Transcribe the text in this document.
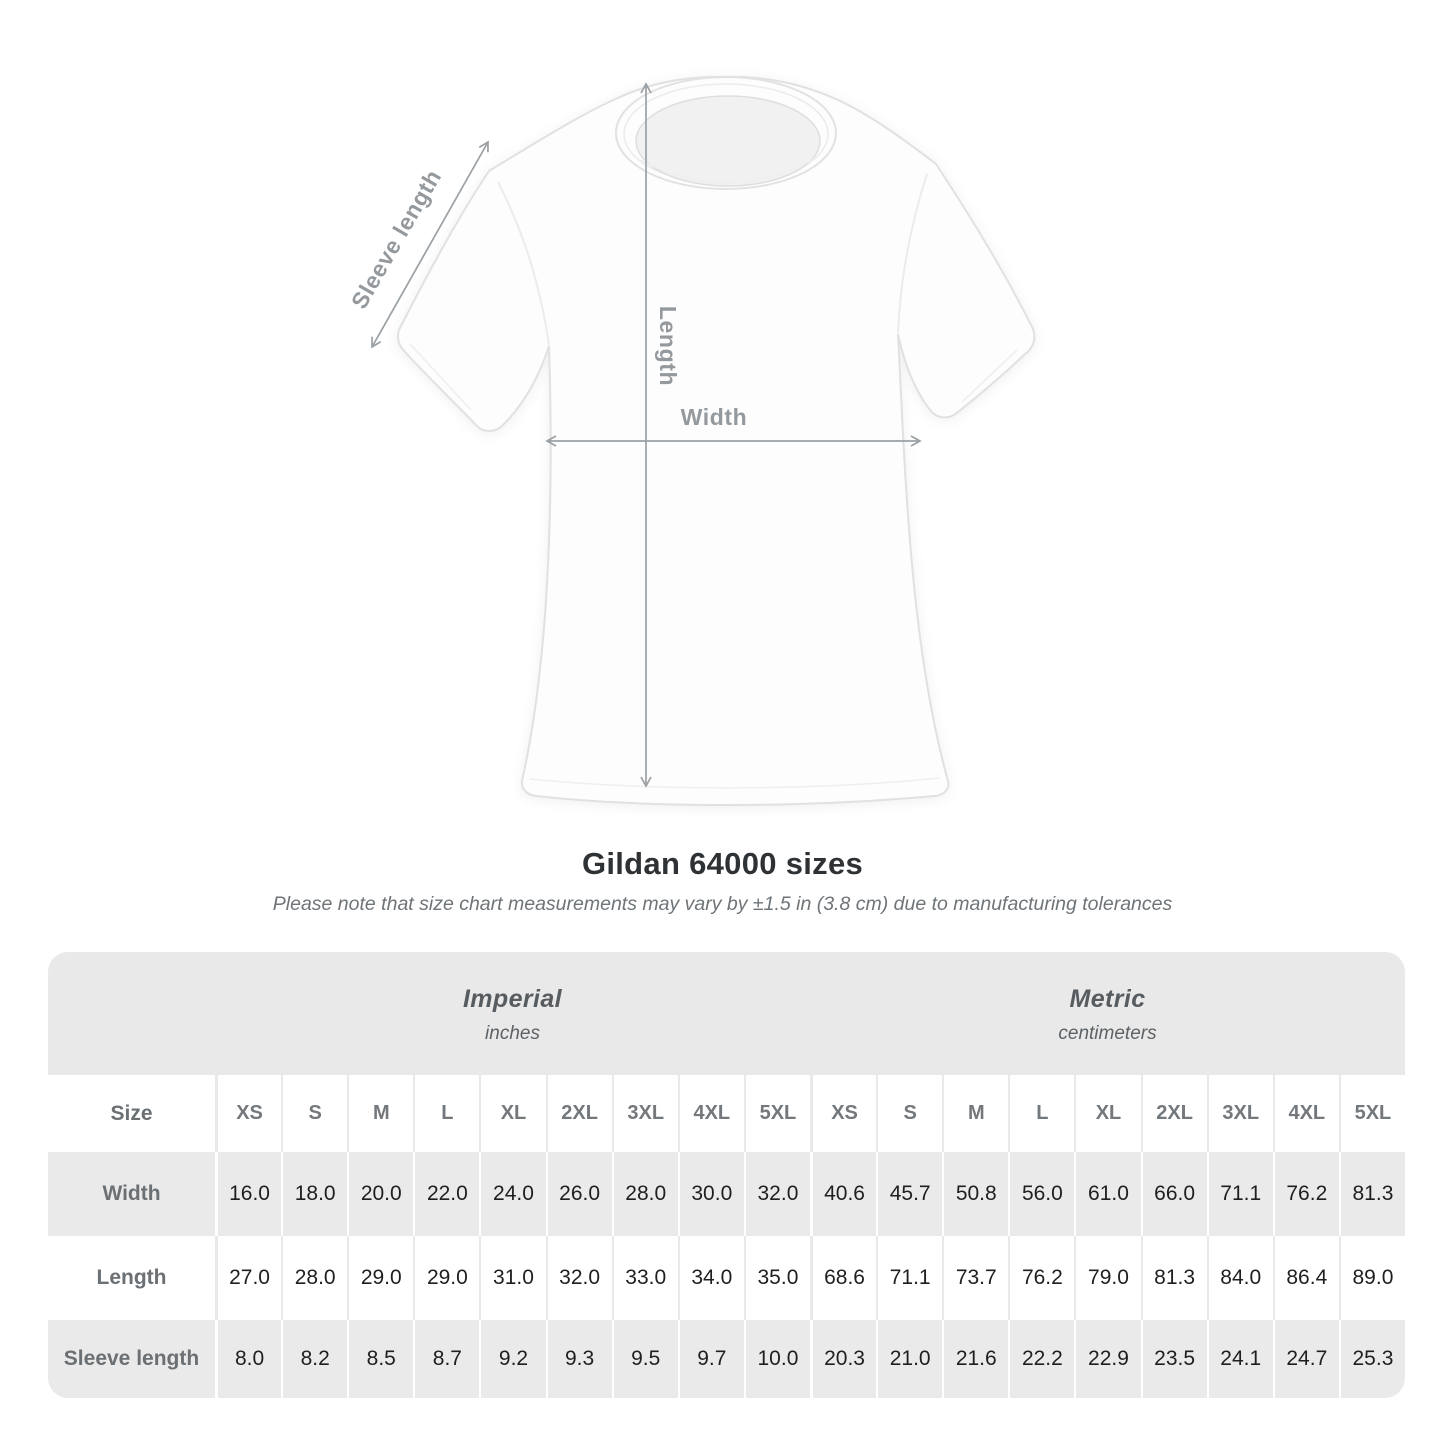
Width
Length
Sleeve length
Gildan 64000 sizes

Please note that size chart measurements may vary by ±1.5 in (3.8 cm) due to manufacturing tolerances

Imperial
inches
Metric
centimeters
Size	XS	S	M	L	XL	2XL	3XL	4XL	5XL	XS	S	M	L	XL	2XL	3XL	4XL	5XL
Width	16.0	18.0	20.0	22.0	24.0	26.0	28.0	30.0	32.0	40.6	45.7	50.8	56.0	61.0	66.0	71.1	76.2	81.3
Length	27.0	28.0	29.0	29.0	31.0	32.0	33.0	34.0	35.0	68.6	71.1	73.7	76.2	79.0	81.3	84.0	86.4	89.0
Sleeve length	8.0	8.2	8.5	8.7	9.2	9.3	9.5	9.7	10.0	20.3	21.0	21.6	22.2	22.9	23.5	24.1	24.7	25.3
